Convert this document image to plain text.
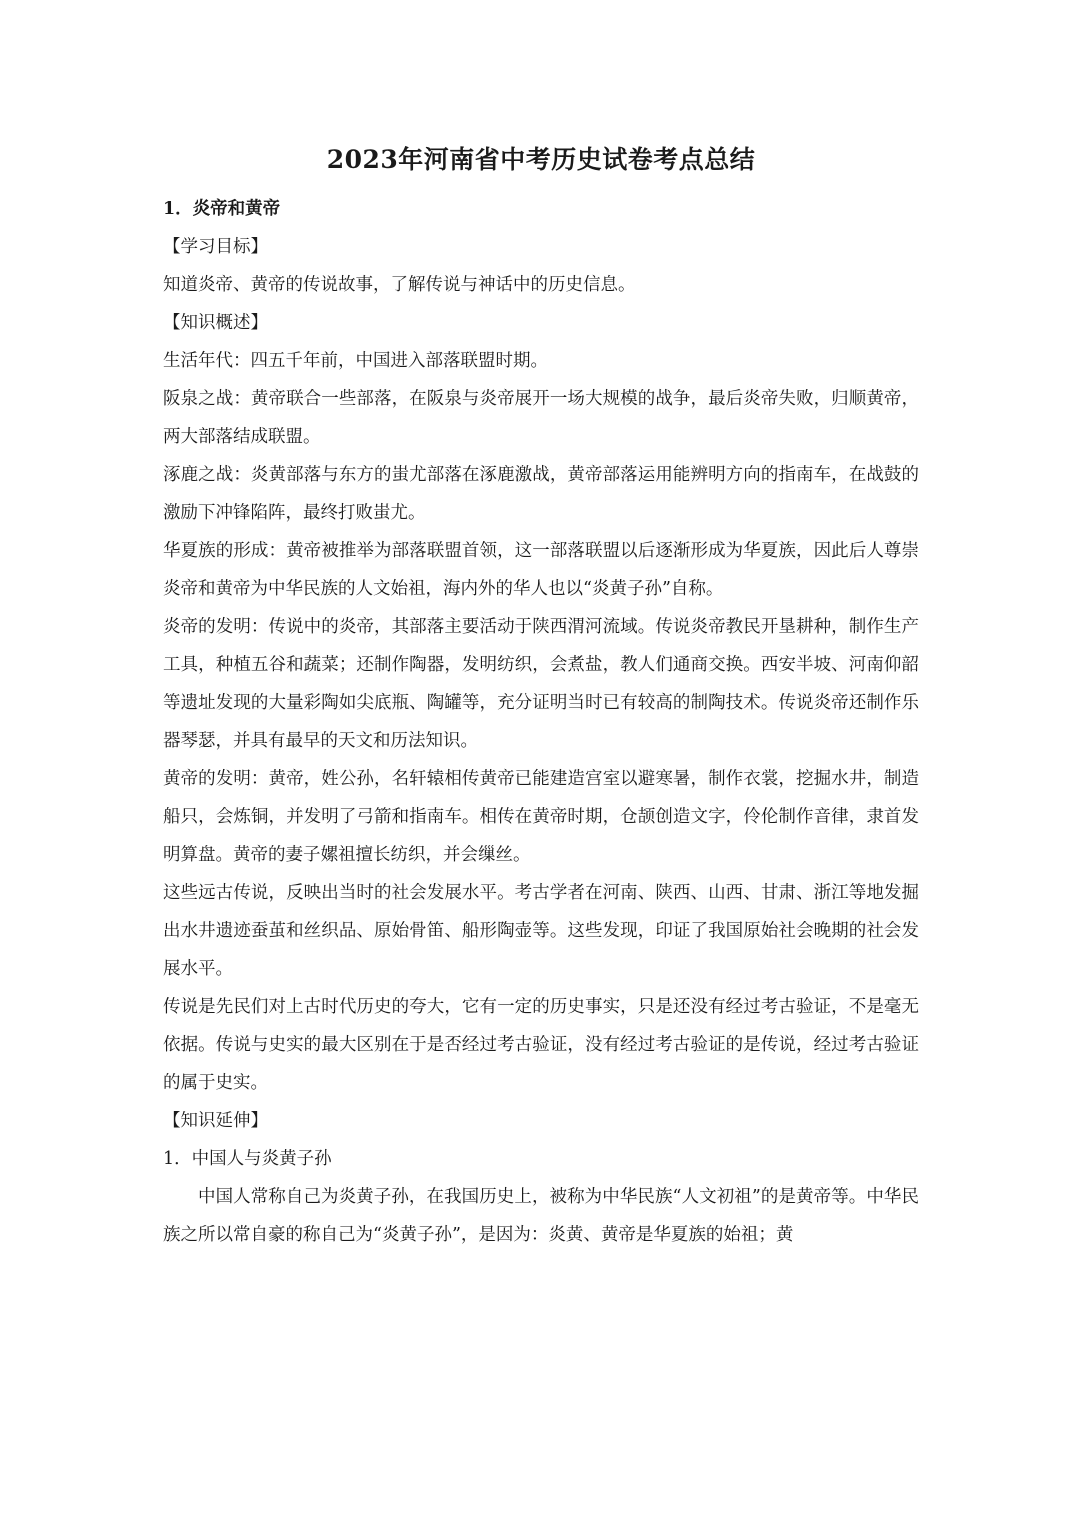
2023年河南省中考历史试卷考点总结

1．炎帝和黄帝

【学习目标】

知道炎帝、黄帝的传说故事，了解传说与神话中的历史信息。

【知识概述】

生活年代：四五千年前，中国进入部落联盟时期。

阪泉之战：黄帝联合一些部落，在阪泉与炎帝展开一场大规模的战争，最后炎帝失败，归顺黄帝，两大部落结成联盟。

涿鹿之战：炎黄部落与东方的蚩尤部落在涿鹿激战，黄帝部落运用能辨明方向的指南车，在战鼓的激励下冲锋陷阵，最终打败蚩尤。

华夏族的形成：黄帝被推举为部落联盟首领，这一部落联盟以后逐渐形成为华夏族，因此后人尊崇炎帝和黄帝为中华民族的人文始祖，海内外的华人也以“炎黄子孙”自称。

炎帝的发明：传说中的炎帝，其部落主要活动于陕西渭河流域。传说炎帝教民开垦耕种，制作生产工具，种植五谷和蔬菜；还制作陶器，发明纺织，会煮盐，教人们通商交换。西安半坡、河南仰韶等遗址发现的大量彩陶如尖底瓶、陶罐等，充分证明当时已有较高的制陶技术。传说炎帝还制作乐器琴瑟，并具有最早的天文和历法知识。

黄帝的发明：黄帝，姓公孙，名轩辕相传黄帝已能建造宫室以避寒暑，制作衣裳，挖掘水井，制造船只，会炼铜，并发明了弓箭和指南车。相传在黄帝时期，仓颉创造文字，伶伦制作音律，隶首发明算盘。黄帝的妻子嫘祖擅长纺织，并会缫丝。

这些远古传说，反映出当时的社会发展水平。考古学者在河南、陕西、山西、甘肃、浙江等地发掘出水井遗迹蚕茧和丝织品、原始骨笛、船形陶壶等。这些发现，印证了我国原始社会晚期的社会发展水平。

传说是先民们对上古时代历史的夸大，它有一定的历史事实，只是还没有经过考古验证，不是毫无依据。传说与史实的最大区别在于是否经过考古验证，没有经过考古验证的是传说，经过考古验证的属于史实。

【知识延伸】

1．中国人与炎黄子孙

中国人常称自己为炎黄子孙，在我国历史上，被称为中华民族“人文初祖”的是黄帝等。中华民族之所以常自豪的称自己为“炎黄子孙”，是因为：炎黄、黄帝是华夏族的始祖；黄
